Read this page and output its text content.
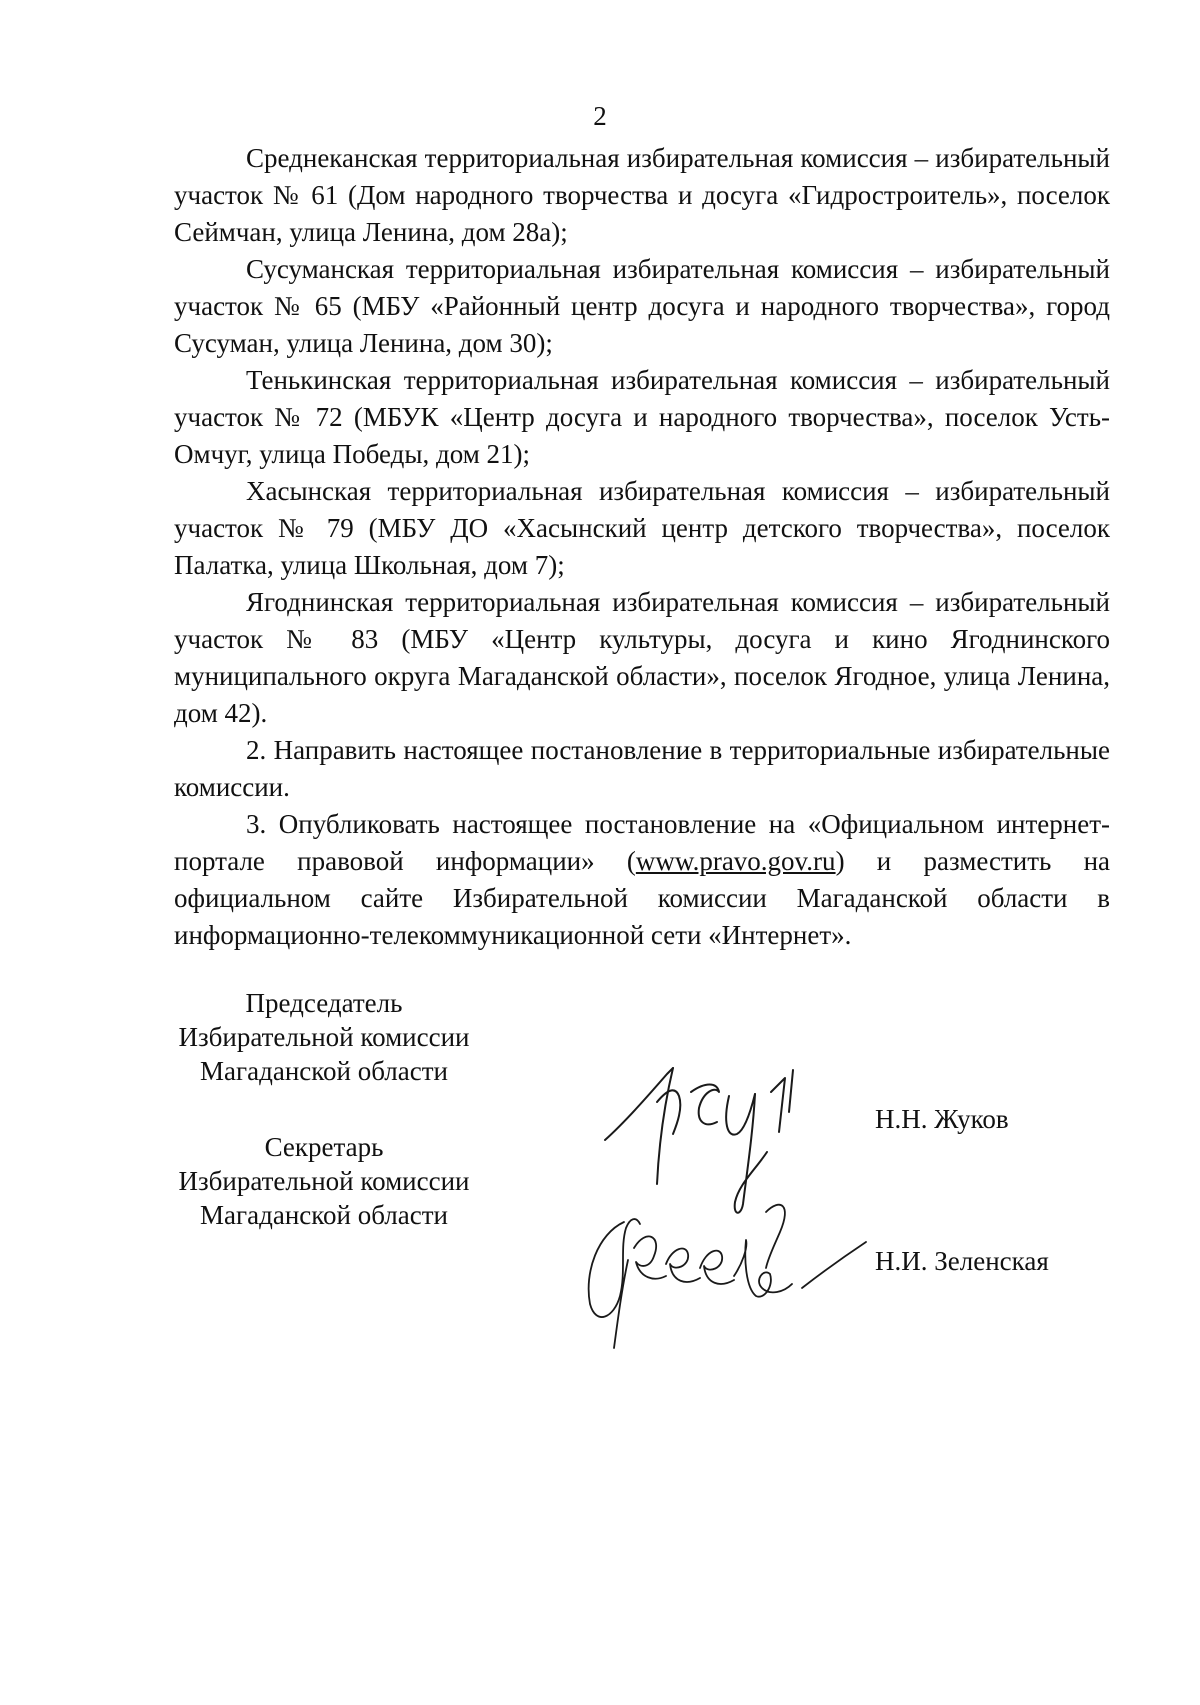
2

Среднеканская территориальная избирательная комиссия – избирательный участок № 61 (Дом народного творчества и досуга «Гидростроитель», поселок Сеймчан, улица Ленина, дом 28а);

Сусуманская территориальная избирательная комиссия – избирательный участок № 65 (МБУ «Районный центр досуга и народного творчества», город Сусуман, улица Ленина, дом 30);

Тенькинская территориальная избирательная комиссия – избирательный участок № 72 (МБУК «Центр досуга и народного творчества», поселок Усть-Омчуг, улица Победы, дом 21);

Хасынская территориальная избирательная комиссия – избирательный участок № 79 (МБУ ДО «Хасынский центр детского творчества», поселок Палатка, улица Школьная, дом 7);

Ягоднинская территориальная избирательная комиссия – избирательный участок № 83 (МБУ «Центр культуры, досуга и кино Ягоднинского муниципального округа Магаданской области», поселок Ягодное, улица Ленина, дом 42).

2. Направить настоящее постановление в территориальные избирательные комиссии.

3. Опубликовать настоящее постановление на «Официальном интернет-портале правовой информации» (www.pravo.gov.ru) и разместить на официальном сайте Избирательной комиссии Магаданской области в информационно-телекоммуникационной сети «Интернет».

Председатель
Избирательной комиссии
Магаданской области
Н.Н. Жуков
Секретарь
Избирательной комиссии
Магаданской области
Н.И. Зеленская
